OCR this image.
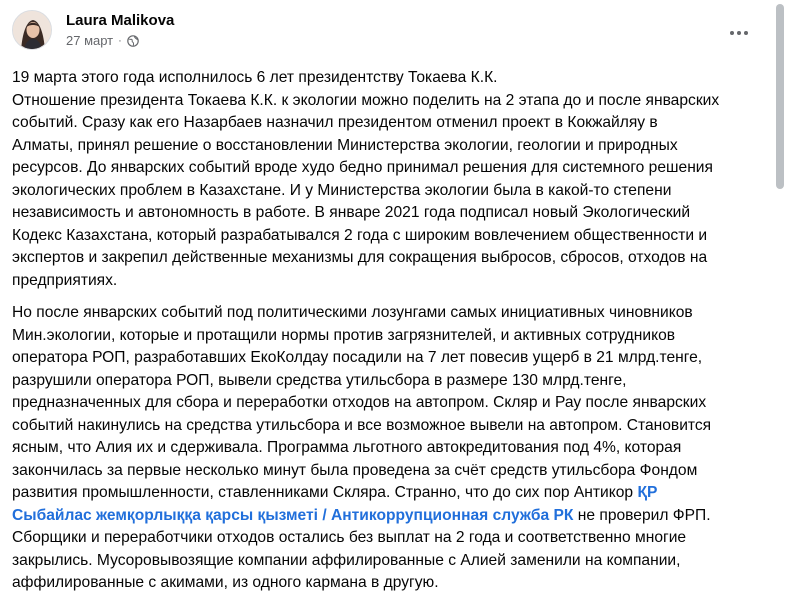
Laura Malikova
27 март ·

19 марта этого года исполнилось 6 лет президентству Токаева К.К.
Отношение президента Токаева К.К. к экологии можно поделить на 2 этапа до и после январских
событий. Сразу как его Назарбаев назначил президентом отменил проект в Кокжайляу в
Алматы, принял решение о восстановлении Министерства экологии, геологии и природных
ресурсов. До январских событий вроде худо бедно принимал решения для системного решения
экологических проблем в Казахстане. И у Министерства экологии была в какой-то степени
независимость и автономность в работе. В январе 2021 года подписал новый Экологический
Кодекс Казахстана, который разрабатывался 2 года с широким вовлечением общественности и
экспертов и закрепил действенные механизмы для сокращения выбросов, сбросов, отходов на
предприятиях.

Но после январских событий под политическими лозунгами самых инициативных чиновников
Мин.экологии, которые и протащили нормы против загрязнителей, и активных сотрудников
оператора РОП, разработавших ЕкоКолдау посадили на 7 лет повесив ущерб в 21 млрд.тенге,
разрушили оператора РОП, вывели средства утильсбора в размере 130 млрд.тенге,
предназначенных для сбора и переработки отходов на автопром. Скляр и Рау после январских
событий накинулись на средства утильсбора и все возможное вывели на автопром. Становится
ясным, что Алия их и сдерживала. Программа льготного автокредитования под 4%, которая
закончилась за первые несколько минут была проведена за счёт средств утильсбора Фондом
развития промышленности, ставленниками Скляра. Странно, что до сих пор Антикор ҚР
Сыбайлас жемқорлыққа қарсы қызметі / Антикоррупционная служба РК не проверил ФРП.
Сборщики и переработчики отходов остались без выплат на 2 года и соответственно многие
закрылись. Мусоровывозящие компании аффилированные с Алией заменили на компании,
аффилированные с акимами, из одного кармана в другую.
